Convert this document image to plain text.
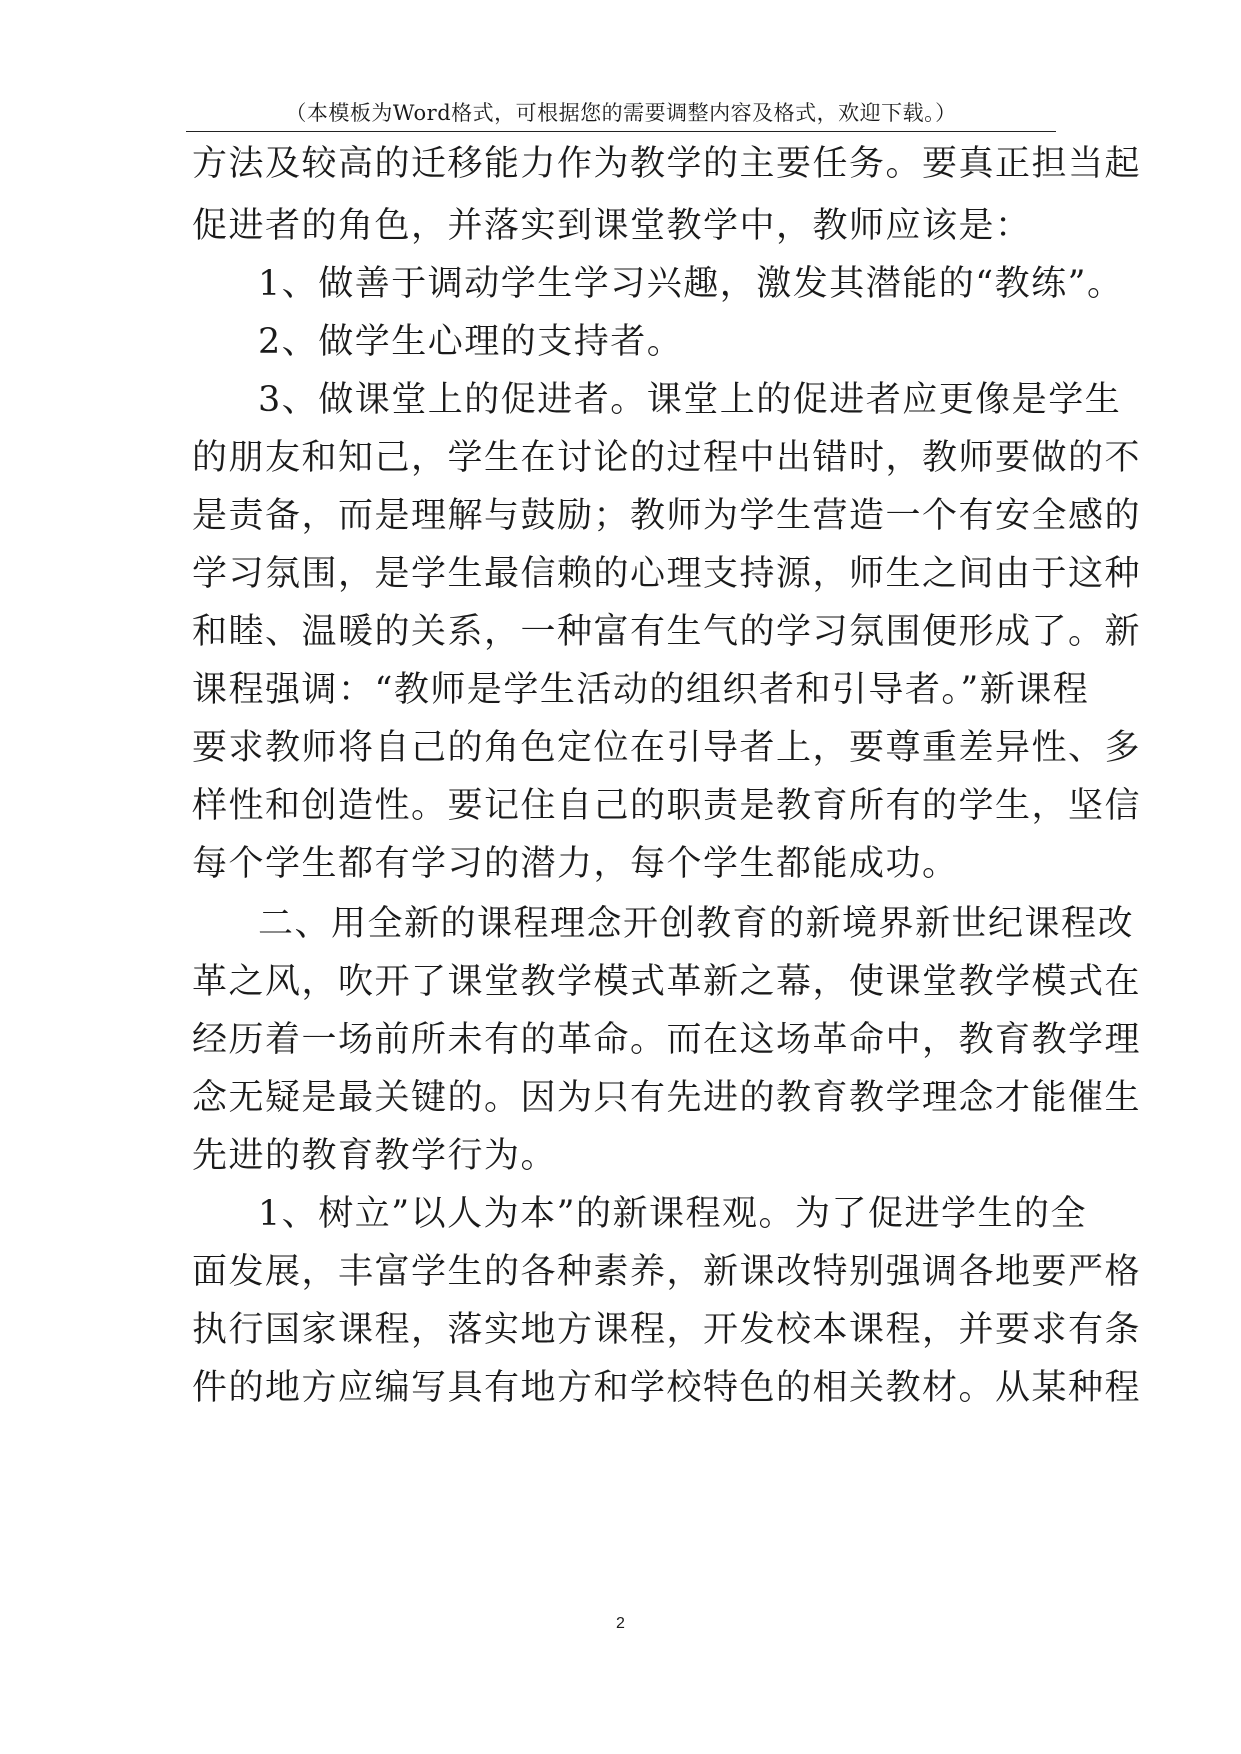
（本模板为Word格式，可根据您的需要调整内容及格式，欢迎下载。）
方法及较高的迁移能力作为教学的主要任务。要真正担当起
促进者的角色，并落实到课堂教学中，教师应该是：
1、做善于调动学生学习兴趣，激发其潜能的“教练”。
2、做学生心理的支持者。
3、做课堂上的促进者。课堂上的促进者应更像是学生
的朋友和知己，学生在讨论的过程中出错时，教师要做的不
是责备，而是理解与鼓励；教师为学生营造一个有安全感的
学习氛围，是学生最信赖的心理支持源，师生之间由于这种
和睦、温暖的关系，一种富有生气的学习氛围便形成了。新
课程强调：“教师是学生活动的组织者和引导者。”新课程
要求教师将自己的角色定位在引导者上，要尊重差异性、多
样性和创造性。要记住自己的职责是教育所有的学生，坚信
每个学生都有学习的潜力，每个学生都能成功。
二、用全新的课程理念开创教育的新境界新世纪课程改
革之风，吹开了课堂教学模式革新之幕，使课堂教学模式在
经历着一场前所未有的革命。而在这场革命中，教育教学理
念无疑是最关键的。因为只有先进的教育教学理念才能催生
先进的教育教学行为。
1、树立”以人为本”的新课程观。为了促进学生的全
面发展，丰富学生的各种素养，新课改特别强调各地要严格
执行国家课程，落实地方课程，开发校本课程，并要求有条
件的地方应编写具有地方和学校特色的相关教材。从某种程
2
